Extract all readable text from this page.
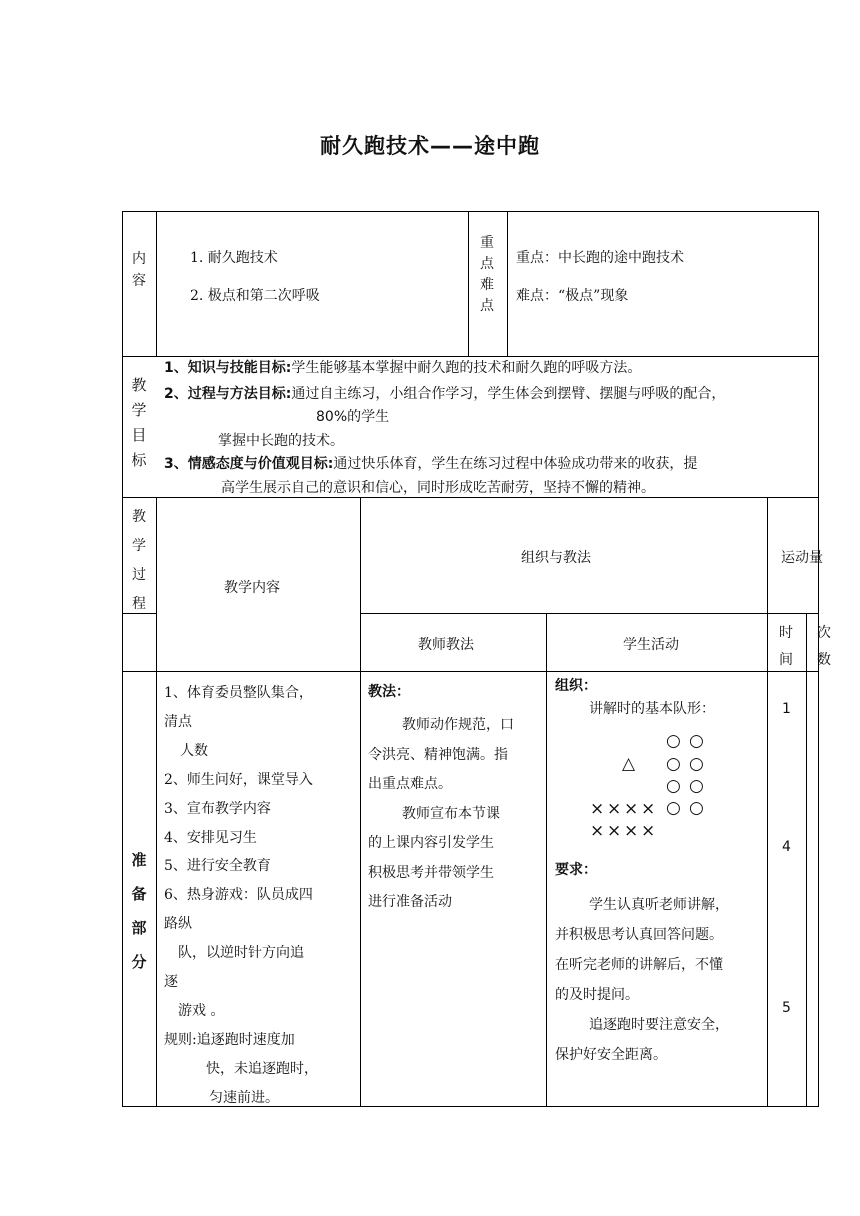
耐久跑技术——途中跑
内
容
1. 耐久跑技术
2. 极点和第二次呼吸
重
点
难
点
重点：中长跑的途中跑技术
难点：“极点”现象
教
学
目
标
1、知识与技能目标:学生能够基本掌握中耐久跑的技术和耐久跑的呼吸方法。
2、过程与方法目标:通过自主练习，小组合作学习，学生体会到摆臂、摆腿与呼吸的配合，
80%的学生
掌握中长跑的技术。
3、情感态度与价值观目标:通过快乐体育，学生在练习过程中体验成功带来的收获，提
高学生展示自己的意识和信心，同时形成吃苦耐劳，坚持不懈的精神。
教
学
过
程
教学内容
组织与教法	运动量
教师教法	学生活动
时
间
次
数
准
备
部
分
1、体育委员整队集合，
清点
人数
2、师生问好，课堂导入
3、宣布教学内容
4、安排见习生
5、进行安全教育
6、热身游戏：队员成四
路纵
队，以逆时针方向追
逐
游戏 。
规则:追逐跑时速度加
快，未追逐跑时，
匀速前进。
教法：
教师动作规范，口
令洪亮、精神饱满。指
出重点难点。
教师宣布本节课
的上课内容引发学生
积极思考并带领学生
进行准备活动
组织：
讲解时的基本队形：
△
○ ○
○ ○
○ ○
○ ○
× × × ×
× × × ×
要求：
学生认真听老师讲解，
并积极思考认真回答问题。
在听完老师的讲解后，不懂
的及时提问。
追逐跑时要注意安全，
保护好安全距离。
1
4
5
